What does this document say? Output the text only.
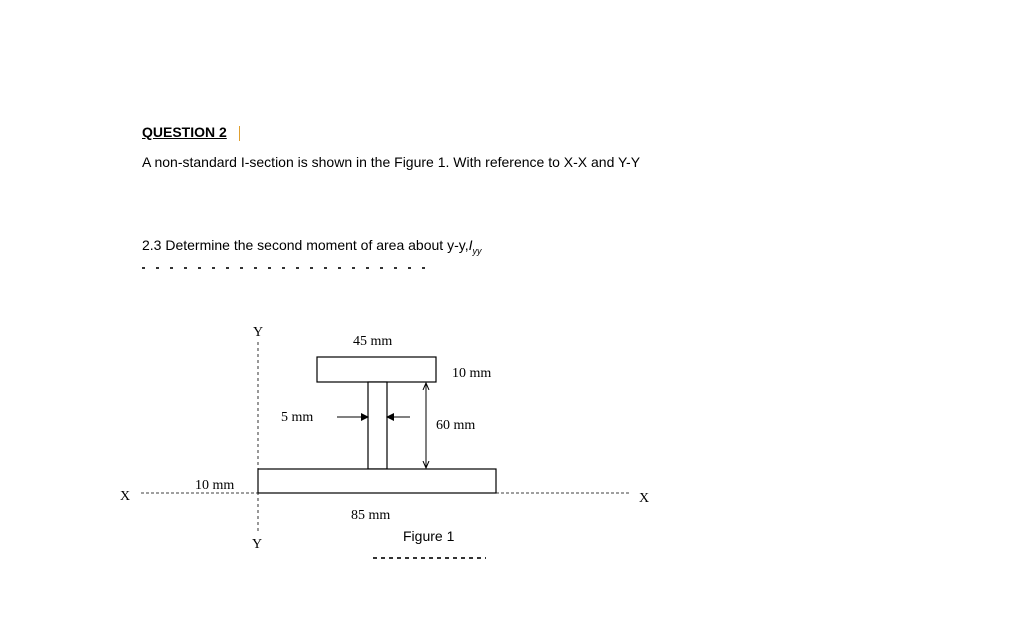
QUESTION 2
A non-standard I-section is shown in the Figure 1. With reference to X-X and Y-Y
2.3 Determine the second moment of area about $y-y,I_{yy}$
Y
Y
X	X
45 mm
10 mm
5 mm
60 mm
10 mm
85 mm
Figure 1
